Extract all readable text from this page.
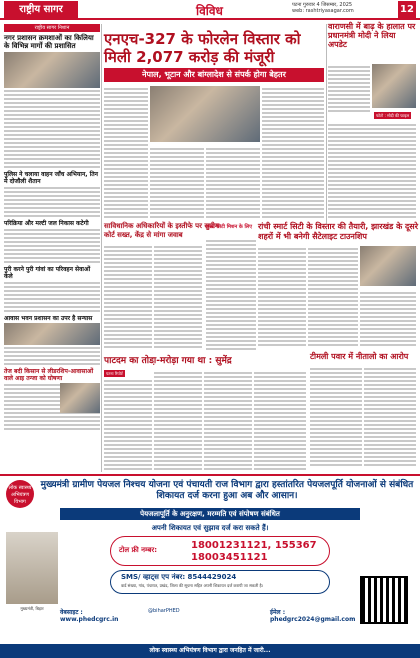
राष्ट्रीय सागर	विविध	पटना गुरुवार 4 जिसम्बर, 2025
web: rashtriyasagar.com	12
राष्ट्रीय सागर निशान
नगर प्रशासन क्रमशाओं का किलिया के विभिन्न मार्गो की प्रशासित
पुलिस ने चलाया वाहन जाँच अभियान, तिन मे दोजौली शैतान
परिक्रिया और मल्टी जल निकास कटेगी
पुरी करने पुरी गांवां का परिवहन सेवाओं केले
आवास भवन प्रशासन का उपर है सन्यास
तेज बदी किसान से लीडरशिप-आवासाओं वाले आइ तन्जा को घोषणा
एनएच-327 के फोरलेन विस्तार को मिली 2,077 करोड़ की मंजूरी
नेपाल, भूटान और बांग्लादेश से संपर्क होगा बेहतर
वाराणसी में बाढ़ के हालात पर प्रधानमंत्री मोदी ने लिया अपडेट
फोटो : मोदी की फाइल
साविधानिक अधिकारियों के इस्तीफे पर सुप्रीम कोर्ट सख्त, केंद्र से मांगा जवाब
स्मार्ट सिटी मिशन के लिए रांची स्मार्ट सिटी के विस्तार की तैयारी, झारखंड के दूसरे शहरों में भी बनेगी सैटेलाइट टाउनशिप
पाटदम का तोडा़-मरोड़ा गया था : सुमेंद्र
पटना रिपोर्ट
टीमली पवार में नीतालो का आरोप
लोक स्वास्थ्य अभियंत्रण विभाग
मुख्यमंत्री ग्रामीण पेयजल निश्चय योजना एवं पंचायती राज विभाग द्वारा हस्तांतरित पेयजलपूर्ति योजनाओं से संबंधित शिकायत दर्ज करना हुआ अब और आसान।
पेयजलापूर्ति के अनुरक्षण, मरम्मति एवं संपोषण संबंधित
अपनी शिकायत एवं सुझाव दर्ज करा सकते हैं।
मुख्यमंत्री, बिहार
टोल फ्री नम्बर:	18001231121, 155367 18003451121
SMS/ व्हाट्स एप नंबर: 8544429024
वार्ड संख्या, गांव, पंचायत, प्रखंड, जिला की सूचना सहित अपनी शिकायत दर्ज करायी जा सकती है।
वेबसाइट : www.phedcgrc.in
@biharPHED	ईमेल : phedgrc2024@gmail.com
लोक स्वास्थ्य अभियंत्रण विभाग द्वारा जनहित में जारी...
